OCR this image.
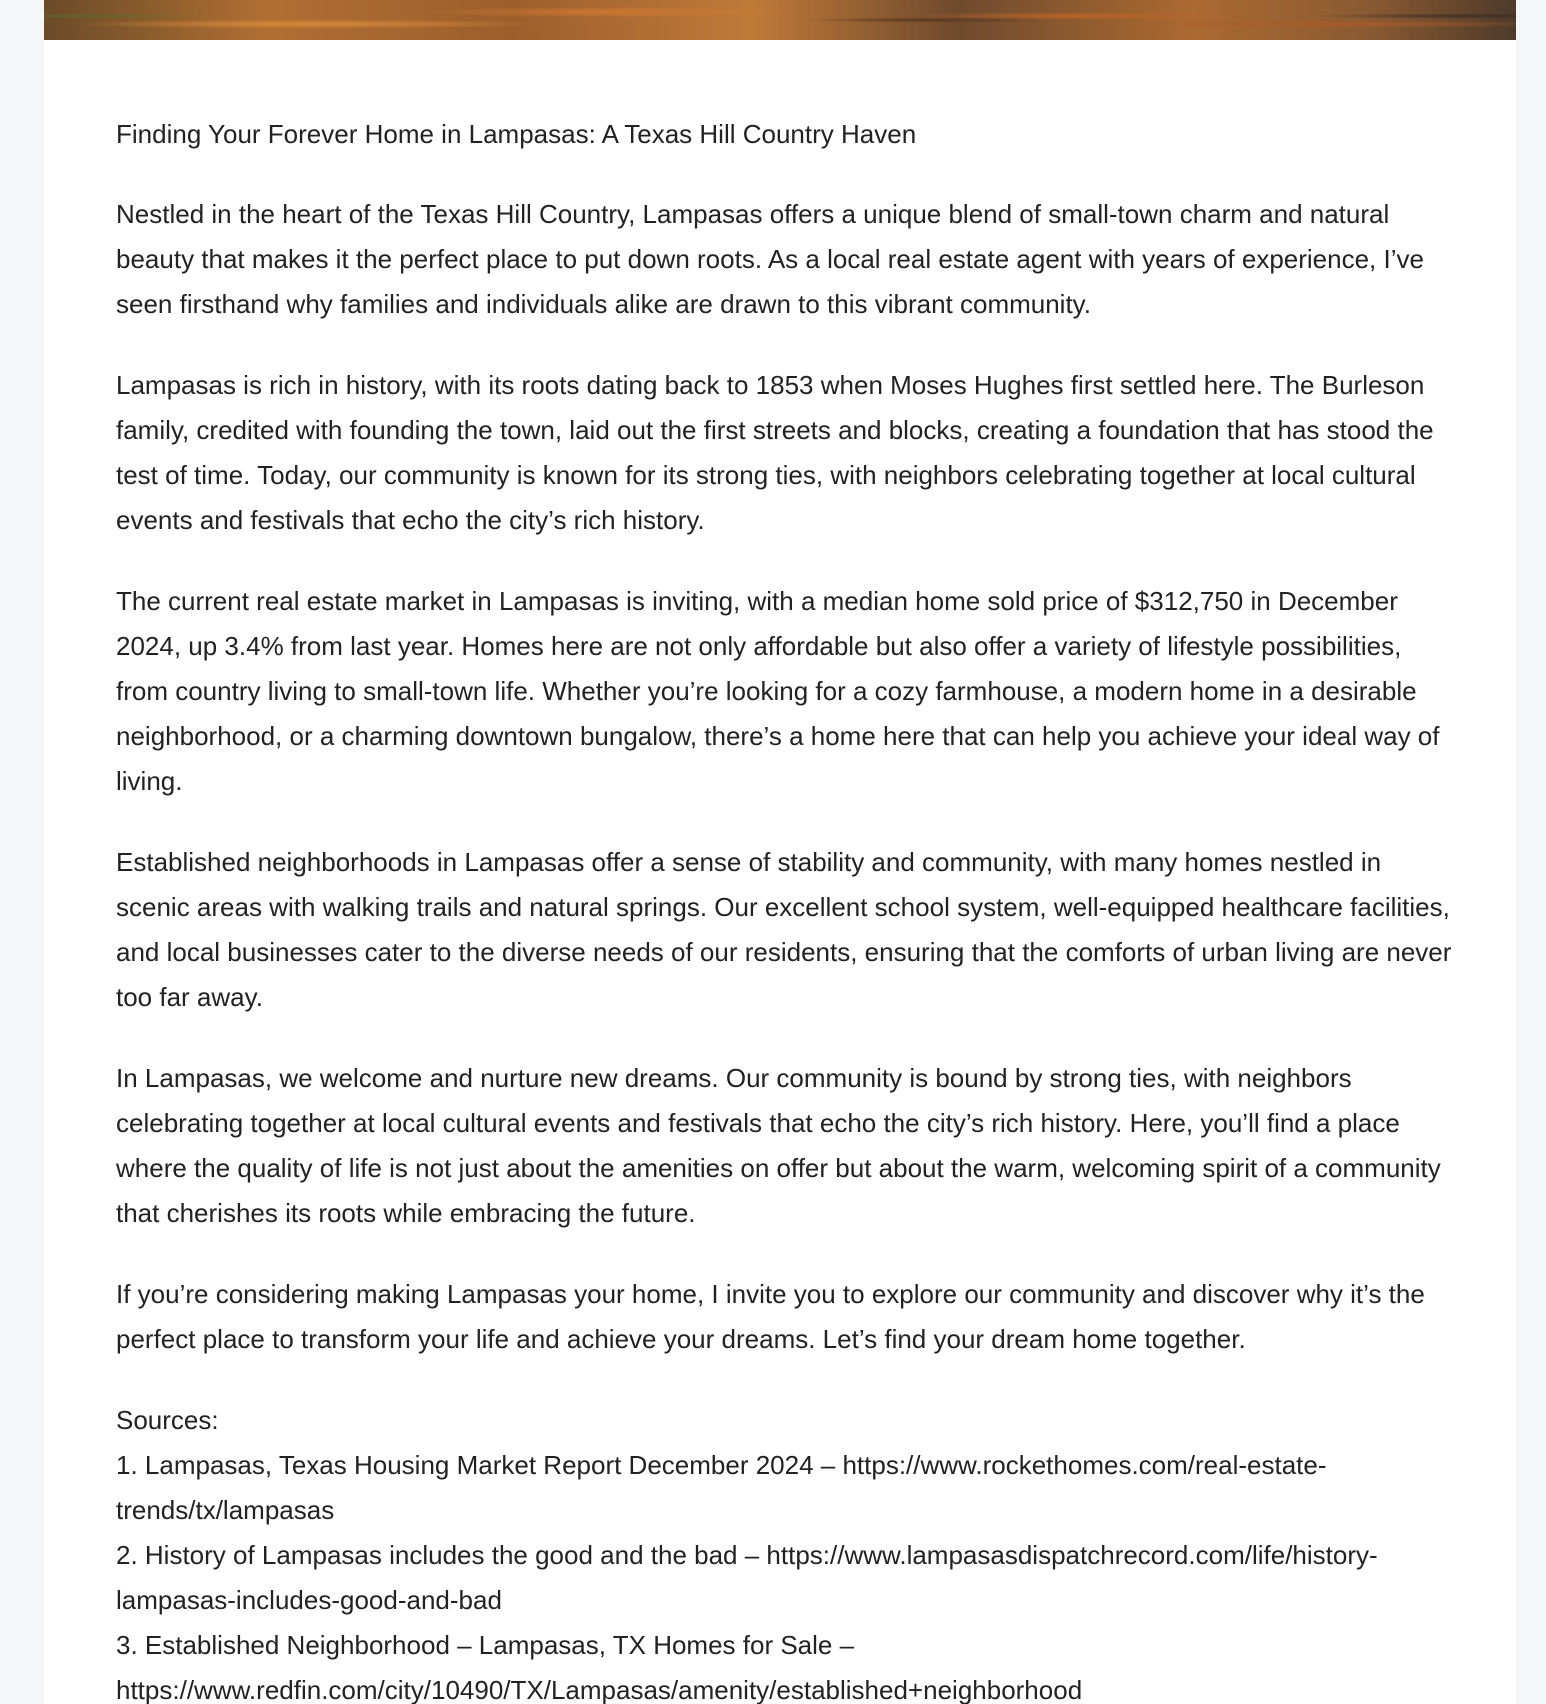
Finding Your Forever Home in Lampasas: A Texas Hill Country Haven

Nestled in the heart of the Texas Hill Country, Lampasas offers a unique blend of small-town charm and natural beauty that makes it the perfect place to put down roots. As a local real estate agent with years of experience, I’ve seen firsthand why families and individuals alike are drawn to this vibrant community.

Lampasas is rich in history, with its roots dating back to 1853 when Moses Hughes first settled here. The Burleson family, credited with founding the town, laid out the first streets and blocks, creating a foundation that has stood the test of time. Today, our community is known for its strong ties, with neighbors celebrating together at local cultural events and festivals that echo the city’s rich history.

The current real estate market in Lampasas is inviting, with a median home sold price of $312,750 in December 2024, up 3.4% from last year. Homes here are not only affordable but also offer a variety of lifestyle possibilities, from country living to small-town life. Whether you’re looking for a cozy farmhouse, a modern home in a desirable neighborhood, or a charming downtown bungalow, there’s a home here that can help you achieve your ideal way of living.

Established neighborhoods in Lampasas offer a sense of stability and community, with many homes nestled in scenic areas with walking trails and natural springs. Our excellent school system, well-equipped healthcare facilities, and local businesses cater to the diverse needs of our residents, ensuring that the comforts of urban living are never too far away.

In Lampasas, we welcome and nurture new dreams. Our community is bound by strong ties, with neighbors celebrating together at local cultural events and festivals that echo the city’s rich history. Here, you’ll find a place where the quality of life is not just about the amenities on offer but about the warm, welcoming spirit of a community that cherishes its roots while embracing the future.

If you’re considering making Lampasas your home, I invite you to explore our community and discover why it’s the perfect place to transform your life and achieve your dreams. Let’s find your dream home together.

Sources:
1. Lampasas, Texas Housing Market Report December 2024 – https://www.rockethomes.com/real-estate-trends/tx/lampasas
2. History of Lampasas includes the good and the bad – https://www.lampasasdispatchrecord.com/life/history-lampasas-includes-good-and-bad
3. Established Neighborhood – Lampasas, TX Homes for Sale – https://www.redfin.com/city/10490/TX/Lampasas/amenity/established+neighborhood
